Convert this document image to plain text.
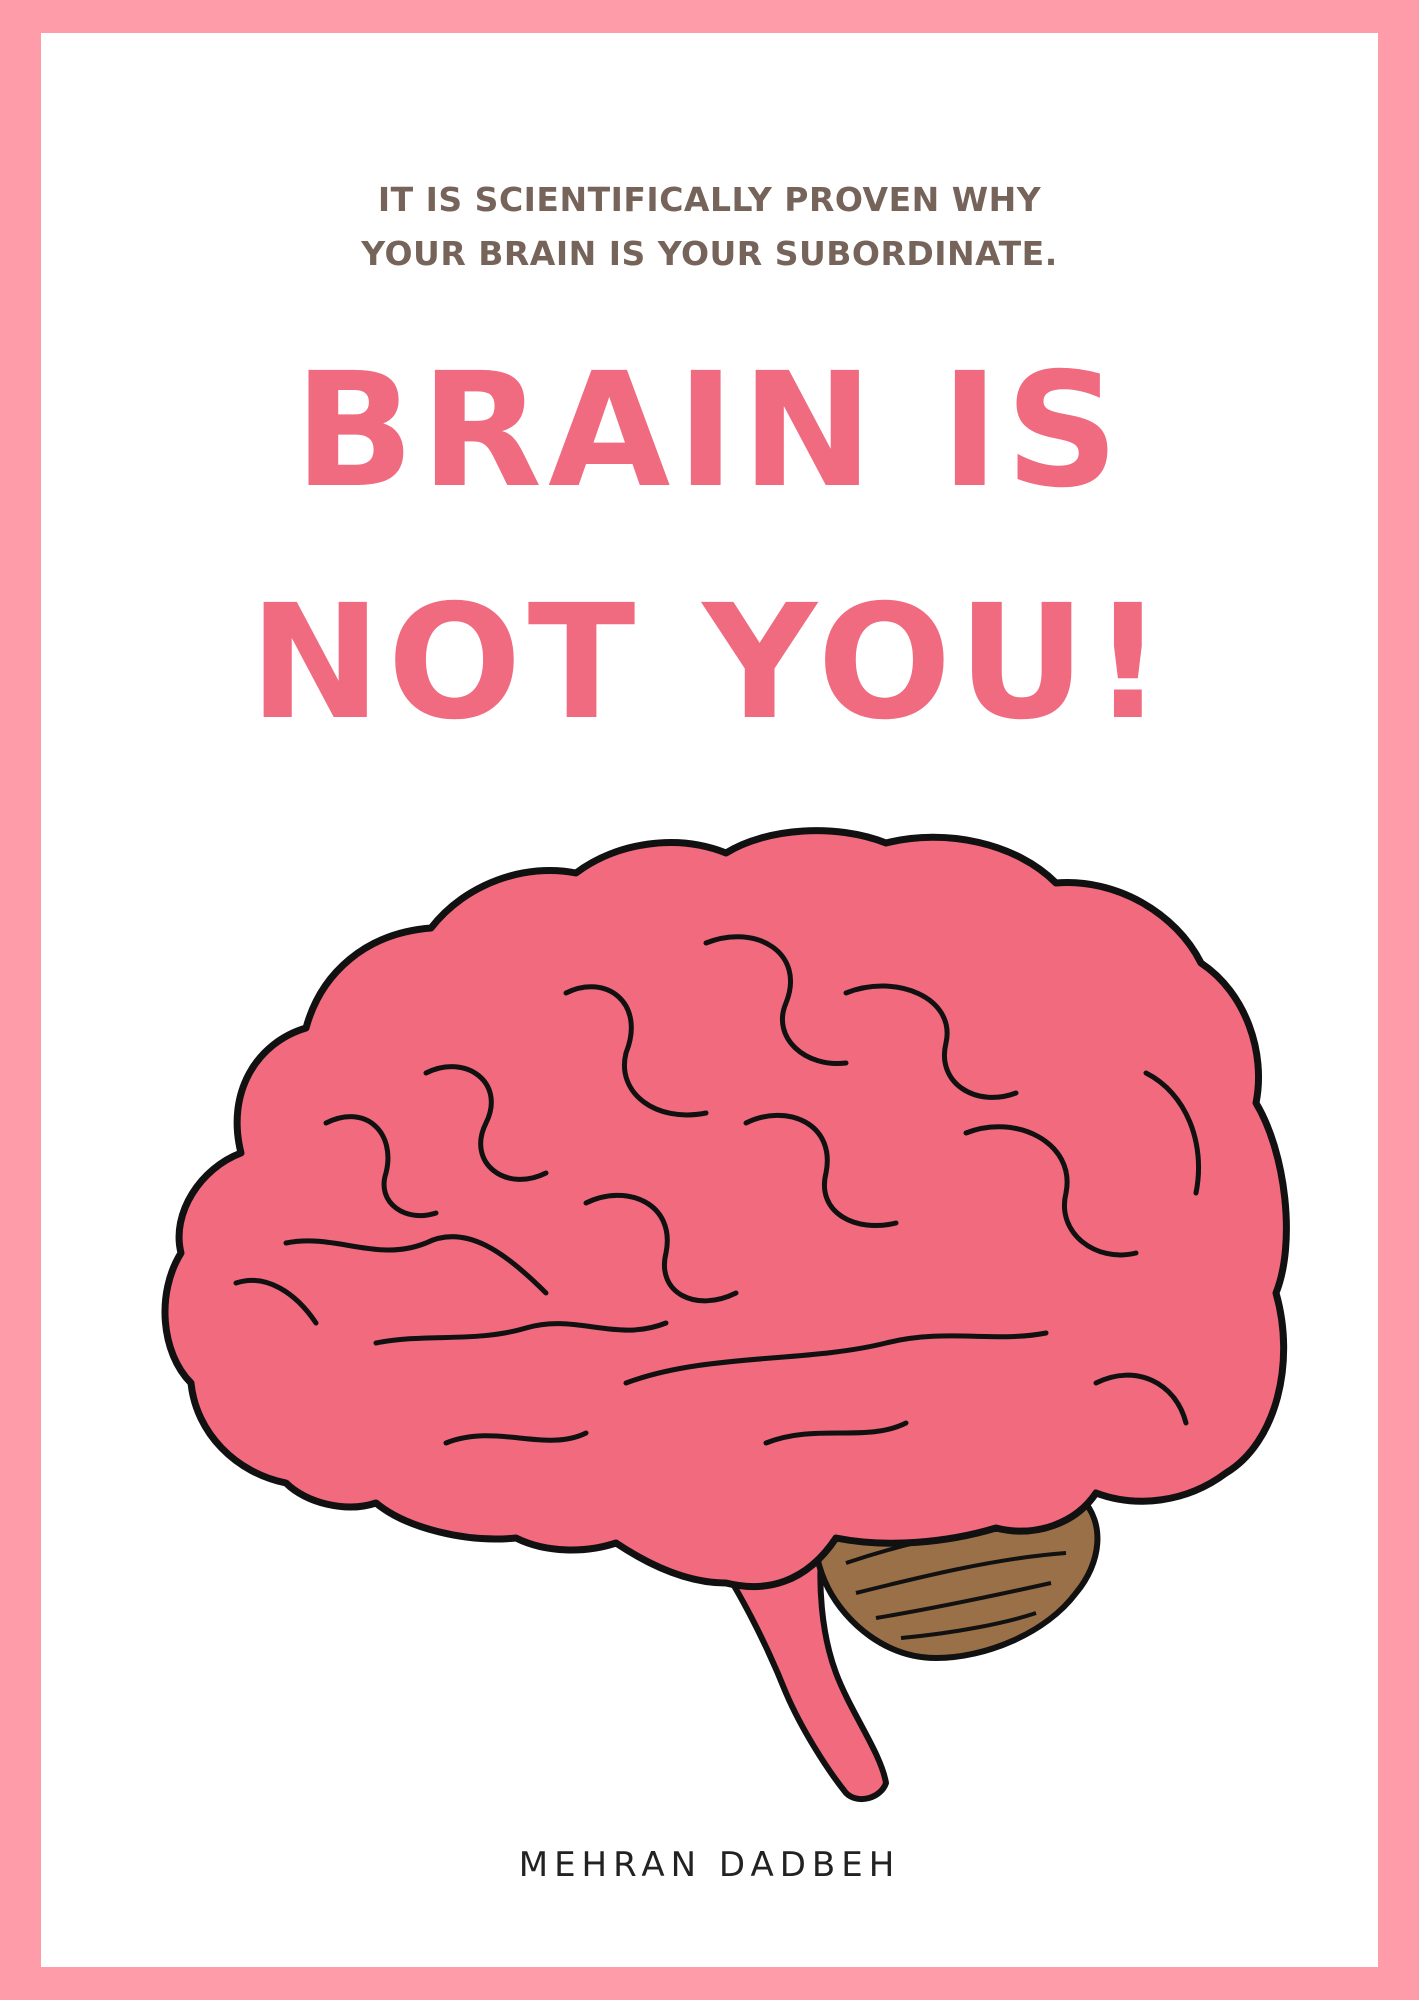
IT IS SCIENTIFICALLY PROVEN WHY
YOUR BRAIN IS YOUR SUBORDINATE.
BRAIN IS
NOT YOU!
MEHRAN DADBEH
